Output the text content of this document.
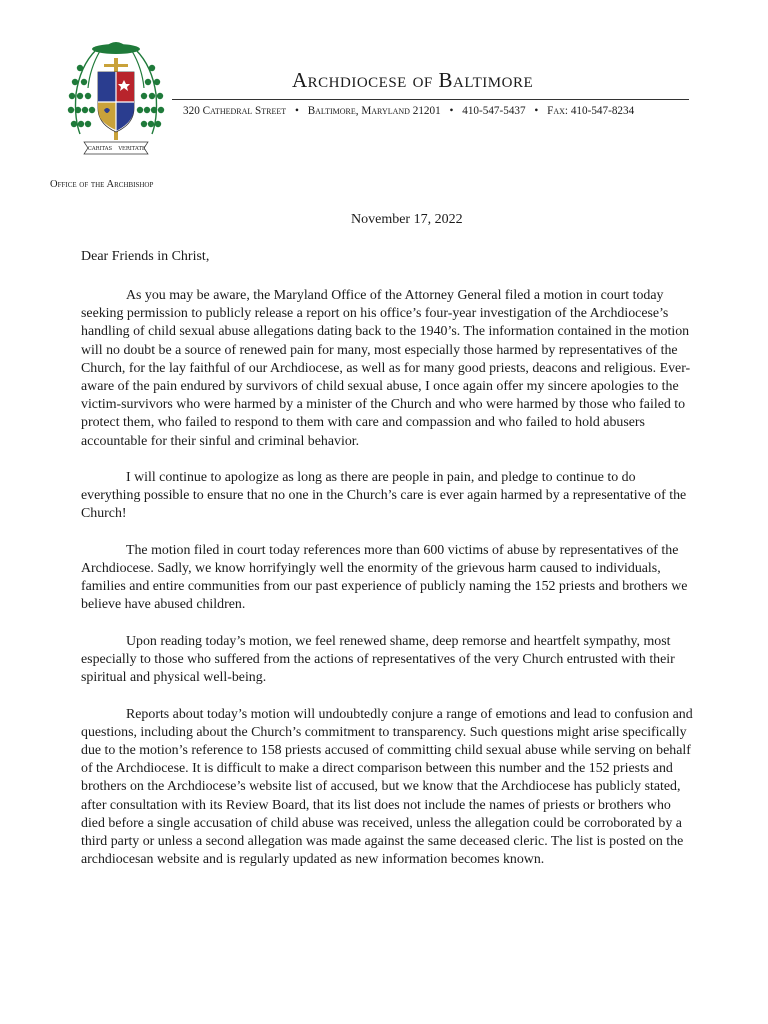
CARITAS VERITATE
Archdiocese of Baltimore
320 Cathedral Street • Baltimore, Maryland 21201 • 410-547-5437 • Fax: 410-547-8234
Office of the Archbishop
November 17, 2022
Dear Friends in Christ,

As you may be aware, the Maryland Office of the Attorney General filed a motion in court today seeking permission to publicly release a report on his office’s four-year investigation of the Archdiocese’s handling of child sexual abuse allegations dating back to the 1940’s. The information contained in the motion will no doubt be a source of renewed pain for many, most especially those harmed by representatives of the Church, for the lay faithful of our Archdiocese, as well as for many good priests, deacons and religious. Ever-aware of the pain endured by survivors of child sexual abuse, I once again offer my sincere apologies to the victim-survivors who were harmed by a minister of the Church and who were harmed by those who failed to protect them, who failed to respond to them with care and compassion and who failed to hold abusers accountable for their sinful and criminal behavior.

I will continue to apologize as long as there are people in pain, and pledge to continue to do everything possible to ensure that no one in the Church’s care is ever again harmed by a representative of the Church!

The motion filed in court today references more than 600 victims of abuse by representatives of the Archdiocese. Sadly, we know horrifyingly well the enormity of the grievous harm caused to individuals, families and entire communities from our past experience of publicly naming the 152 priests and brothers we believe have abused children.

Upon reading today’s motion, we feel renewed shame, deep remorse and heartfelt sympathy, most especially to those who suffered from the actions of representatives of the very Church entrusted with their spiritual and physical well-being.

Reports about today’s motion will undoubtedly conjure a range of emotions and lead to confusion and questions, including about the Church’s commitment to transparency. Such questions might arise specifically due to the motion’s reference to 158 priests accused of committing child sexual abuse while serving on behalf of the Archdiocese. It is difficult to make a direct comparison between this number and the 152 priests and brothers on the Archdiocese’s website list of accused, but we know that the Archdiocese has publicly stated, after consultation with its Review Board, that its list does not include the names of priests or brothers who died before a single accusation of child abuse was received, unless the allegation could be corroborated by a third party or unless a second allegation was made against the same deceased cleric. The list is posted on the archdiocesan website and is regularly updated as new information becomes known.
